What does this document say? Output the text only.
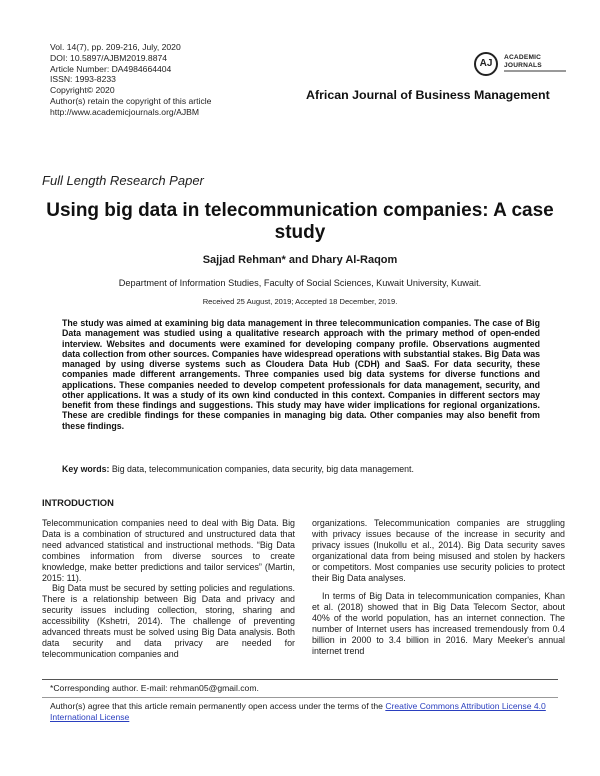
Vol. 14(7), pp. 209-216, July, 2020
DOI: 10.5897/AJBM2019.8874
Article Number: DA4984664404
ISSN: 1993-8233
Copyright© 2020
Author(s) retain the copyright of this article
http://www.academicjournals.org/AJBM
AJ
ACADEMIC
JOURNALS
African Journal of Business Management
Full Length Research Paper
Using big data in telecommunication companies: A case study
Sajjad Rehman* and Dhary Al-Raqom
Department of Information Studies, Faculty of Social Sciences, Kuwait University, Kuwait.
Received 25 August, 2019; Accepted 18 December, 2019.
The study was aimed at examining big data management in three telecommunication companies. The case of Big Data management was studied using a qualitative research approach with the primary method of open-ended interview. Websites and documents were examined for developing company profile. Observations augmented data collection from other sources. Companies have widespread operations with substantial stakes. Big Data was managed by using diverse systems such as Cloudera Data Hub (CDH) and SaaS. For data security, these companies made different arrangements. Three companies used big data systems for diverse functions and applications. These companies needed to develop competent professionals for data management, security, and other applications. It was a study of its own kind conducted in this context. Companies in different sectors may benefit from these findings and suggestions. This study may have wider implications for regional organizations. These are credible findings for these companies in managing big data. Other companies may also benefit from these findings.
Key words: Big data, telecommunication companies, data security, big data management.
INTRODUCTION

Telecommunication companies need to deal with Big Data. Big Data is a combination of structured and unstructured data that need advanced statistical and instructional methods. “Big Data combines information from diverse sources to create knowledge, make better predictions and tailor services” (Martin, 2015: 11).

Big Data must be secured by setting policies and regulations. There is a relationship between Big Data and privacy and security issues including collection, storing, sharing and accessibility (Kshetri, 2014). The challenge of preventing advanced threats must be solved using Big Data analysis. Both data security and data privacy are needed for telecommunication companies and

organizations. Telecommunication companies are struggling with privacy issues because of the increase in security and privacy issues (Inukollu et al., 2014). Big Data security saves organizational data from being misused and stolen by hackers or competitors. Most companies use security policies to protect their Big Data analyses.

In terms of Big Data in telecommunication companies, Khan et al. (2018) showed that in Big Data Telecom Sector, about 40% of the world population, has an internet connection. The number of Internet users has increased tremendously from 0.4 billion in 2000 to 3.4 billion in 2016. Mary Meeker's annual internet trend

*Corresponding author. E-mail: rehman05@gmail.com.
Author(s) agree that this article remain permanently open access under the terms of the Creative Commons Attribution License 4.0 International License
